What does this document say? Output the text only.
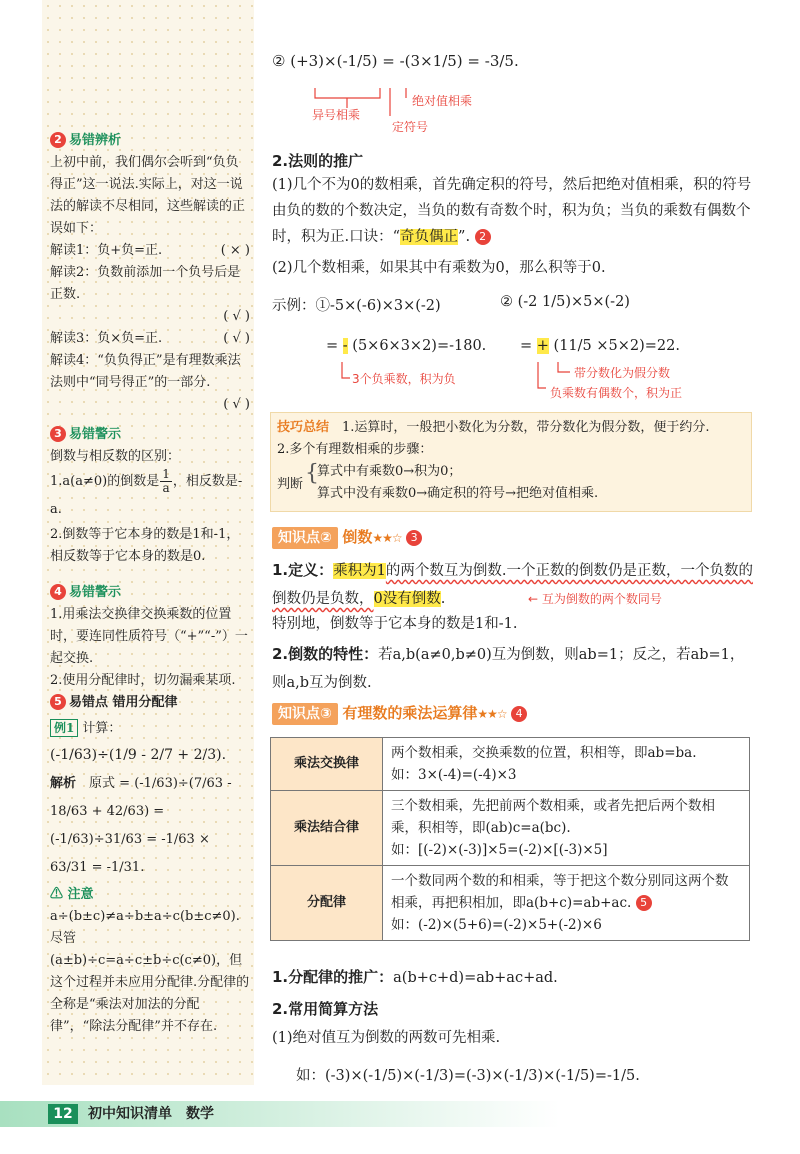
2 易错辨析

上初中前，我们偶尔会听到“负负得正”这一说法.实际上，对这一说法的解读不尽相同，这些解读的正误如下：

解读1：负+负=正.	( × )
解读2：负数前添加一个负号后是正数.
( √ )
解读3：负×负=正.	( √ )
解读4：“负负得正”是有理数乘法法则中“同号得正”的一部分.
( √ )
3 易错警示

倒数与相反数的区别：

1.a(a≠0)的倒数是 $\frac{1}{a}$ ，相反数是-a.

2.倒数等于它本身的数是1和-1，相反数等于它本身的数是0.

4 易错警示

1.用乘法交换律交换乘数的位置时，要连同性质符号（“+”“-”）一起交换.

2.使用分配律时，切勿漏乘某项.

5 易错点 错用分配律

例1 计算：

(-1/63)÷(1/9 - 2/7 + 2/3).

解析　 原式 = (-1/63)÷(7/63 - 18/63 + 42/63) = (-1/63)÷31/63 = -1/63 × 63/31 = -1/31.

⚠ 注意 a÷(b±c)≠a÷b±a÷c(b±c≠0).尽管(a±b)÷c=a÷c±b÷c(c≠0)，但这个过程并未应用分配律.分配律的全称是“乘法对加法的分配律”，“除法分配律”并不存在.

② (+3)×(-1/5) = -(3×1/5) = -3/5.
异号相乘
定符号
绝对值相乘
2.法则的推广
(1)几个不为0的数相乘，首先确定积的符号，然后把绝对值相乘，积的符号由负的数的个数决定，当负的数有奇数个时，积为负；当负的乘数有偶数个时，积为正.口诀：“奇负偶正”. 2
(2)几个数相乘，如果其中有乘数为0，那么积等于0.
示例：①-5×(-6)×3×(-2)	② (-2 1/5)×5×(-2)
= - (5×6×3×2)=-180. = + (11/5 ×5×2)=22.
3个负乘数，积为负	带分数化为假分数
负乘数有偶数个，积为正
技巧总结　 1.运算时，一般把小数化为分数，带分数化为假分数，便于约分.
2.多个有理数相乘的步骤：
判断 {
算式中有乘数0→积为0；
算式中没有乘数0→确定积的符号→把绝对值相乘.
知识点② 倒数★★☆ 3
1.定义：乘积为1的两个数互为倒数.一个正数的倒数仍是正数，一个负数的倒数仍是负数，0没有倒数.	← 互为倒数的两个数同号
特别地，倒数等于它本身的数是1和-1.
2.倒数的特性：若a,b(a≠0,b≠0)互为倒数，则ab=1；反之，若ab=1，则a,b互为倒数.
知识点③ 有理数的乘法运算律★★☆ 4
乘法交换律	两个数相乘，交换乘数的位置，积相等，即ab=ba.
如：3×(-4)=(-4)×3

乘法结合律	三个数相乘，先把前两个数相乘，或者先把后两个数相乘，积相等，即(ab)c=a(bc).
如：[(-2)×(-3)]×5=(-2)×[(-3)×5]

分配律	一个数同两个数的和相乘，等于把这个数分别同这两个数相乘，再把积相加，即a(b+c)=ab+ac. 5
如：(-2)×(5+6)=(-2)×5+(-2)×6
1.分配律的推广：a(b+c+d)=ab+ac+ad.
2.常用简算方法
(1)绝对值互为倒数的两数可先相乘.
如：(-3)×(-1/5)×(-1/3)=(-3)×(-1/3)×(-1/5)=-1/5.
12	初中知识清单　数学
